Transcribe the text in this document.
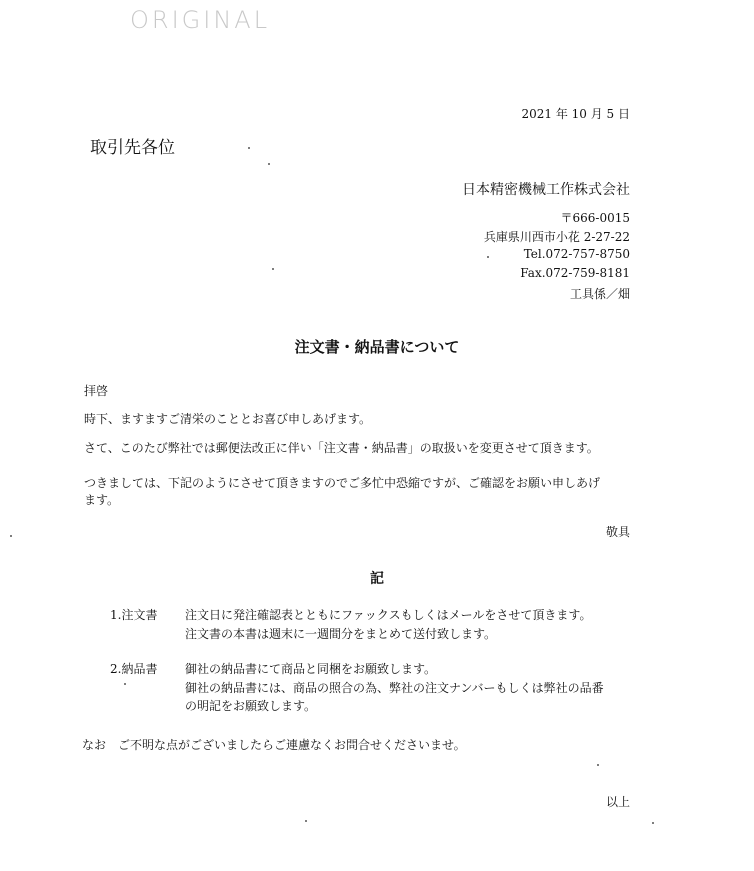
ORIGINAL
2021 年 10 月 5 日
取引先各位
日本精密機械工作株式会社
〒666-0015
兵庫県川西市小花 2-27-22
Tel.072-757-8750
Fax.072-759-8181
工具係／畑
注文書・納品書について
拝啓
時下、ますますご清栄のこととお喜び申しあげます。
さて、このたび弊社では郵便法改正に伴い「注文書・納品書」の取扱いを変更させて頂きます。
つきましては、下記のようにさせて頂きますのでご多忙中恐縮ですが、ご確認をお願い申しあげ
ます。
敬具
記
1.注文書 注文日に発注確認表とともにファックスもしくはメールをさせて頂きます。
注文書の本書は週末に一週間分をまとめて送付致します。
2.納品書 御社の納品書にて商品と同梱をお願致します。
御社の納品書には、商品の照合の為、弊社の注文ナンバーもしくは弊社の品番
の明記をお願致します。
なお　ご不明な点がございましたらご連慮なくお問合せくださいませ。
以上
